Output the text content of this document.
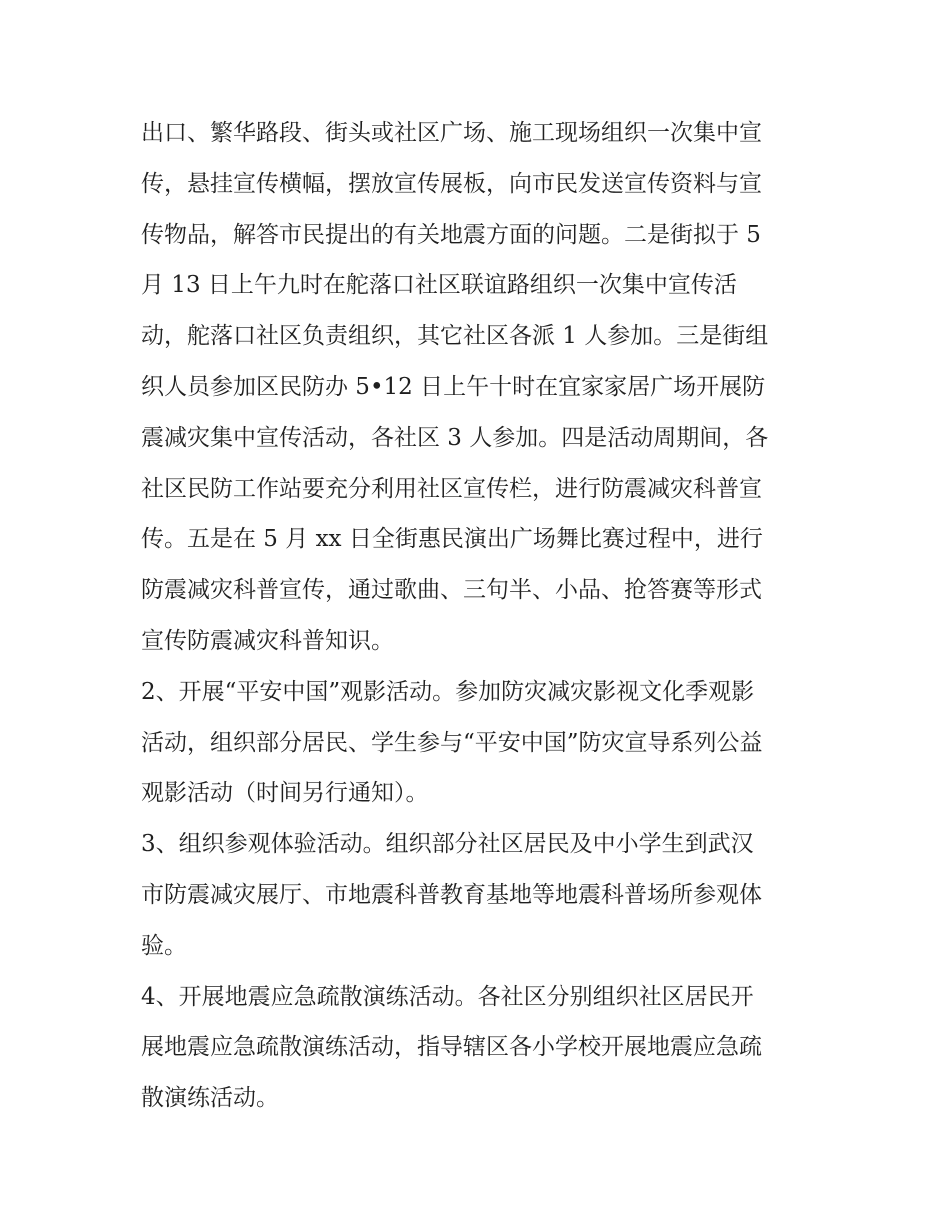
出口、繁华路段、街头或社区广场、施工现场组织一次集中宣
传，悬挂宣传横幅，摆放宣传展板，向市民发送宣传资料与宣
传物品，解答市民提出的有关地震方面的问题。二是街拟于 5
月 13 日上午九时在舵落口社区联谊路组织一次集中宣传活
动，舵落口社区负责组织，其它社区各派 1 人参加。三是街组
织人员参加区民防办 5•12 日上午十时在宜家家居广场开展防
震减灾集中宣传活动，各社区 3 人参加。四是活动周期间，各
社区民防工作站要充分利用社区宣传栏，进行防震减灾科普宣
传。五是在 5 月 xx 日全街惠民演出广场舞比赛过程中，进行
防震减灾科普宣传，通过歌曲、三句半、小品、抢答赛等形式
宣传防震减灾科普知识。
2、开展“平安中国”观影活动。参加防灾减灾影视文化季观影
活动，组织部分居民、学生参与“平安中国”防灾宣导系列公益
观影活动（时间另行通知）。
3、组织参观体验活动。组织部分社区居民及中小学生到武汉
市防震减灾展厅、市地震科普教育基地等地震科普场所参观体
验。
4、开展地震应急疏散演练活动。各社区分别组织社区居民开
展地震应急疏散演练活动，指导辖区各小学校开展地震应急疏
散演练活动。
